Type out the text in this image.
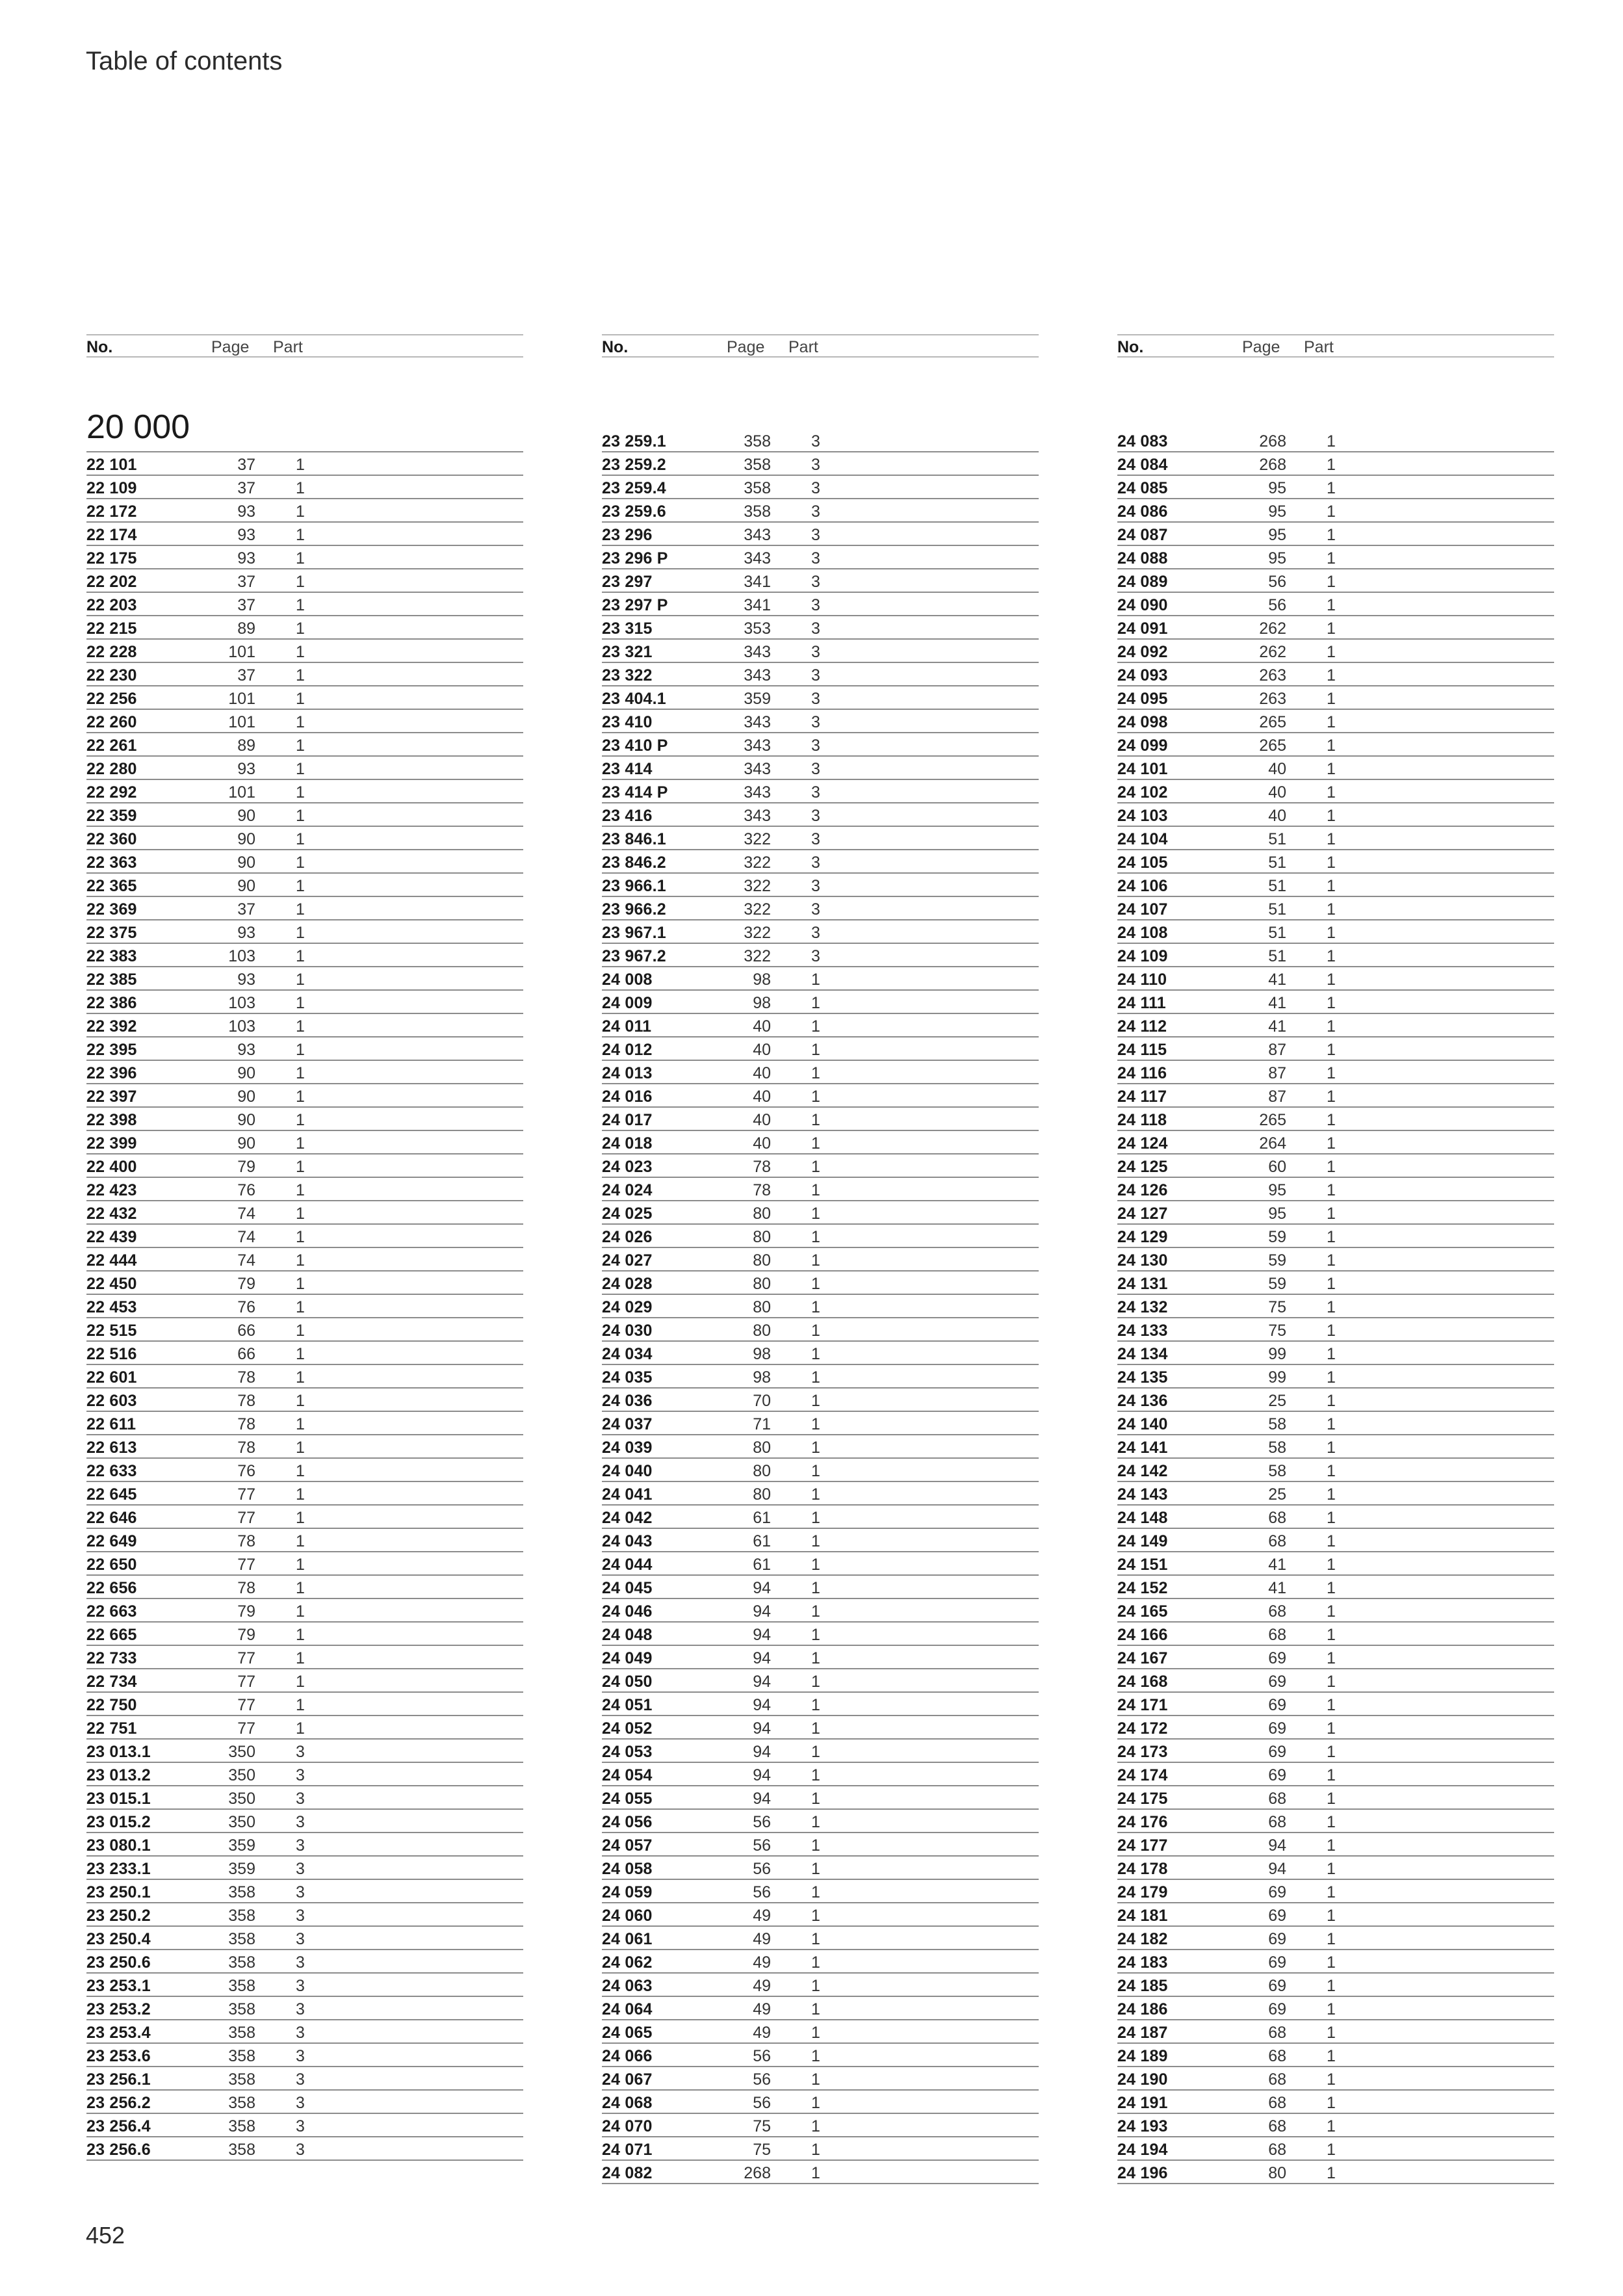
Table of contents
No.	Page Part
20 000
22 101	37 1
22 109	37 1
22 172	93 1
22 174	93 1
22 175	93 1
22 202	37 1
22 203	37 1
22 215	89 1
22 228	101 1
22 230	37 1
22 256	101 1
22 260	101 1
22 261	89 1
22 280	93 1
22 292	101 1
22 359	90 1
22 360	90 1
22 363	90 1
22 365	90 1
22 369	37 1
22 375	93 1
22 383	103 1
22 385	93 1
22 386	103 1
22 392	103 1
22 395	93 1
22 396	90 1
22 397	90 1
22 398	90 1
22 399	90 1
22 400	79 1
22 423	76 1
22 432	74 1
22 439	74 1
22 444	74 1
22 450	79 1
22 453	76 1
22 515	66 1
22 516	66 1
22 601	78 1
22 603	78 1
22 611	78 1
22 613	78 1
22 633	76 1
22 645	77 1
22 646	77 1
22 649	78 1
22 650	77 1
22 656	78 1
22 663	79 1
22 665	79 1
22 733	77 1
22 734	77 1
22 750	77 1
22 751	77 1
23 013.1	350 3
23 013.2	350 3
23 015.1	350 3
23 015.2	350 3
23 080.1	359 3
23 233.1	359 3
23 250.1	358 3
23 250.2	358 3
23 250.4	358 3
23 250.6	358 3
23 253.1	358 3
23 253.2	358 3
23 253.4	358 3
23 253.6	358 3
23 256.1	358 3
23 256.2	358 3
23 256.4	358 3
23 256.6	358 3
No.	Page Part
23 259.1	358 3
23 259.2	358 3
23 259.4	358 3
23 259.6	358 3
23 296	343 3
23 296 P	343 3
23 297	341 3
23 297 P	341 3
23 315	353 3
23 321	343 3
23 322	343 3
23 404.1	359 3
23 410	343 3
23 410 P	343 3
23 414	343 3
23 414 P	343 3
23 416	343 3
23 846.1	322 3
23 846.2	322 3
23 966.1	322 3
23 966.2	322 3
23 967.1	322 3
23 967.2	322 3
24 008	98 1
24 009	98 1
24 011	40 1
24 012	40 1
24 013	40 1
24 016	40 1
24 017	40 1
24 018	40 1
24 023	78 1
24 024	78 1
24 025	80 1
24 026	80 1
24 027	80 1
24 028	80 1
24 029	80 1
24 030	80 1
24 034	98 1
24 035	98 1
24 036	70 1
24 037	71 1
24 039	80 1
24 040	80 1
24 041	80 1
24 042	61 1
24 043	61 1
24 044	61 1
24 045	94 1
24 046	94 1
24 048	94 1
24 049	94 1
24 050	94 1
24 051	94 1
24 052	94 1
24 053	94 1
24 054	94 1
24 055	94 1
24 056	56 1
24 057	56 1
24 058	56 1
24 059	56 1
24 060	49 1
24 061	49 1
24 062	49 1
24 063	49 1
24 064	49 1
24 065	49 1
24 066	56 1
24 067	56 1
24 068	56 1
24 070	75 1
24 071	75 1
24 082	268 1
No.	Page Part
24 083	268 1
24 084	268 1
24 085	95 1
24 086	95 1
24 087	95 1
24 088	95 1
24 089	56 1
24 090	56 1
24 091	262 1
24 092	262 1
24 093	263 1
24 095	263 1
24 098	265 1
24 099	265 1
24 101	40 1
24 102	40 1
24 103	40 1
24 104	51 1
24 105	51 1
24 106	51 1
24 107	51 1
24 108	51 1
24 109	51 1
24 110	41 1
24 111	41 1
24 112	41 1
24 115	87 1
24 116	87 1
24 117	87 1
24 118	265 1
24 124	264 1
24 125	60 1
24 126	95 1
24 127	95 1
24 129	59 1
24 130	59 1
24 131	59 1
24 132	75 1
24 133	75 1
24 134	99 1
24 135	99 1
24 136	25 1
24 140	58 1
24 141	58 1
24 142	58 1
24 143	25 1
24 148	68 1
24 149	68 1
24 151	41 1
24 152	41 1
24 165	68 1
24 166	68 1
24 167	69 1
24 168	69 1
24 171	69 1
24 172	69 1
24 173	69 1
24 174	69 1
24 175	68 1
24 176	68 1
24 177	94 1
24 178	94 1
24 179	69 1
24 181	69 1
24 182	69 1
24 183	69 1
24 185	69 1
24 186	69 1
24 187	68 1
24 189	68 1
24 190	68 1
24 191	68 1
24 193	68 1
24 194	68 1
24 196	80 1
452
